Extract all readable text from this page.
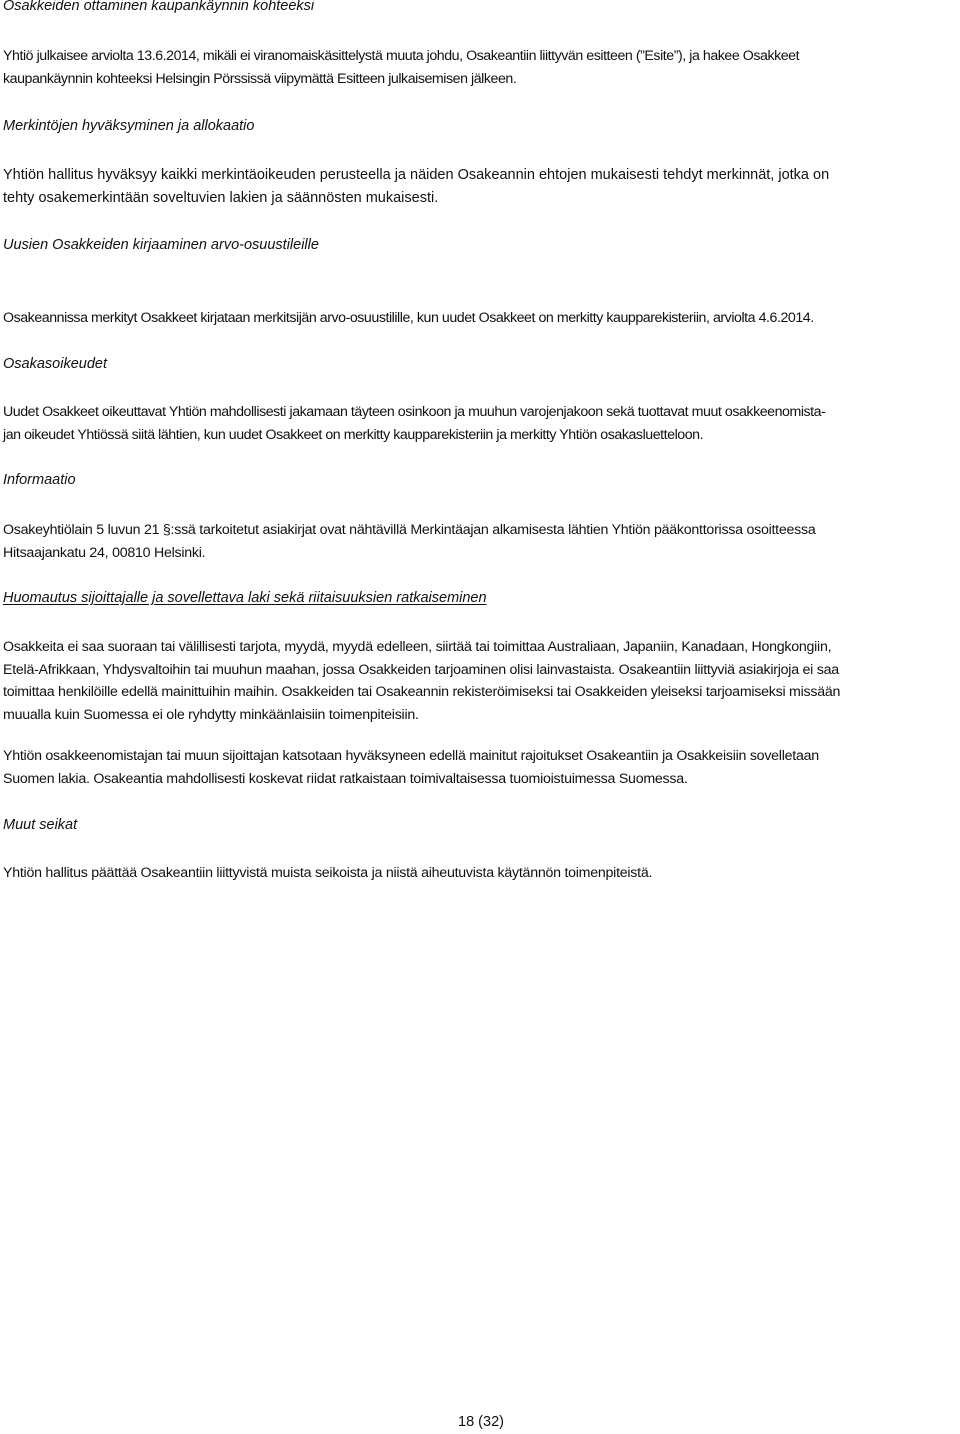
Osakkeiden ottaminen kaupankäynnin kohteeksi

Yhtiö julkaisee arviolta 13.6.2014, mikäli ei viranomaiskäsittelystä muuta johdu, Osakeantiin liittyvän esitteen (”Esite”), ja hakee Osakkeet
kaupankäynnin kohteeksi Helsingin Pörssissä viipymättä Esitteen julkaisemisen jälkeen.

Merkintöjen hyväksyminen ja allokaatio

Yhtiön hallitus hyväksyy kaikki merkintäoikeuden perusteella ja näiden Osakeannin ehtojen mukaisesti tehdyt merkinnät, jotka on
tehty osakemerkintään soveltuvien lakien ja säännösten mukaisesti.

Uusien Osakkeiden kirjaaminen arvo-osuustileille

Osakeannissa merkityt Osakkeet kirjataan merkitsijän arvo-osuustilille, kun uudet Osakkeet on merkitty kaupparekisteriin, arviolta 4.6.2014.

Osakasoikeudet

Uudet Osakkeet oikeuttavat Yhtiön mahdollisesti jakamaan täyteen osinkoon ja muuhun varojenjakoon sekä tuottavat muut osakkeenomista-
jan oikeudet Yhtiössä siitä lähtien, kun uudet Osakkeet on merkitty kaupparekisteriin ja merkitty Yhtiön osakasluetteloon.

Informaatio

Osakeyhtiölain 5 luvun 21 §:ssä tarkoitetut asiakirjat ovat nähtävillä Merkintäajan alkamisesta lähtien Yhtiön pääkonttorissa osoitteessa
Hitsaajankatu 24, 00810 Helsinki.

Huomautus sijoittajalle ja sovellettava laki sekä riitaisuuksien ratkaiseminen

Osakkeita ei saa suoraan tai välillisesti tarjota, myydä, myydä edelleen, siirtää tai toimittaa Australiaan, Japaniin, Kanadaan, Hongkongiin,
Etelä-Afrikkaan, Yhdysvaltoihin tai muuhun maahan, jossa Osakkeiden tarjoaminen olisi lainvastaista. Osakeantiin liittyviä asiakirjoja ei saa
toimittaa henkilöille edellä mainittuihin maihin. Osakkeiden tai Osakeannin rekisteröimiseksi tai Osakkeiden yleiseksi tarjoamiseksi missään
muualla kuin Suomessa ei ole ryhdytty minkäänlaisiin toimenpiteisiin.

Yhtiön osakkeenomistajan tai muun sijoittajan katsotaan hyväksyneen edellä mainitut rajoitukset Osakeantiin ja Osakkeisiin sovelletaan
Suomen lakia. Osakeantia mahdollisesti koskevat riidat ratkaistaan toimivaltaisessa tuomioistuimessa Suomessa.

Muut seikat

Yhtiön hallitus päättää Osakeantiin liittyvistä muista seikoista ja niistä aiheutuvista käytännön toimenpiteistä.

18 (32)
